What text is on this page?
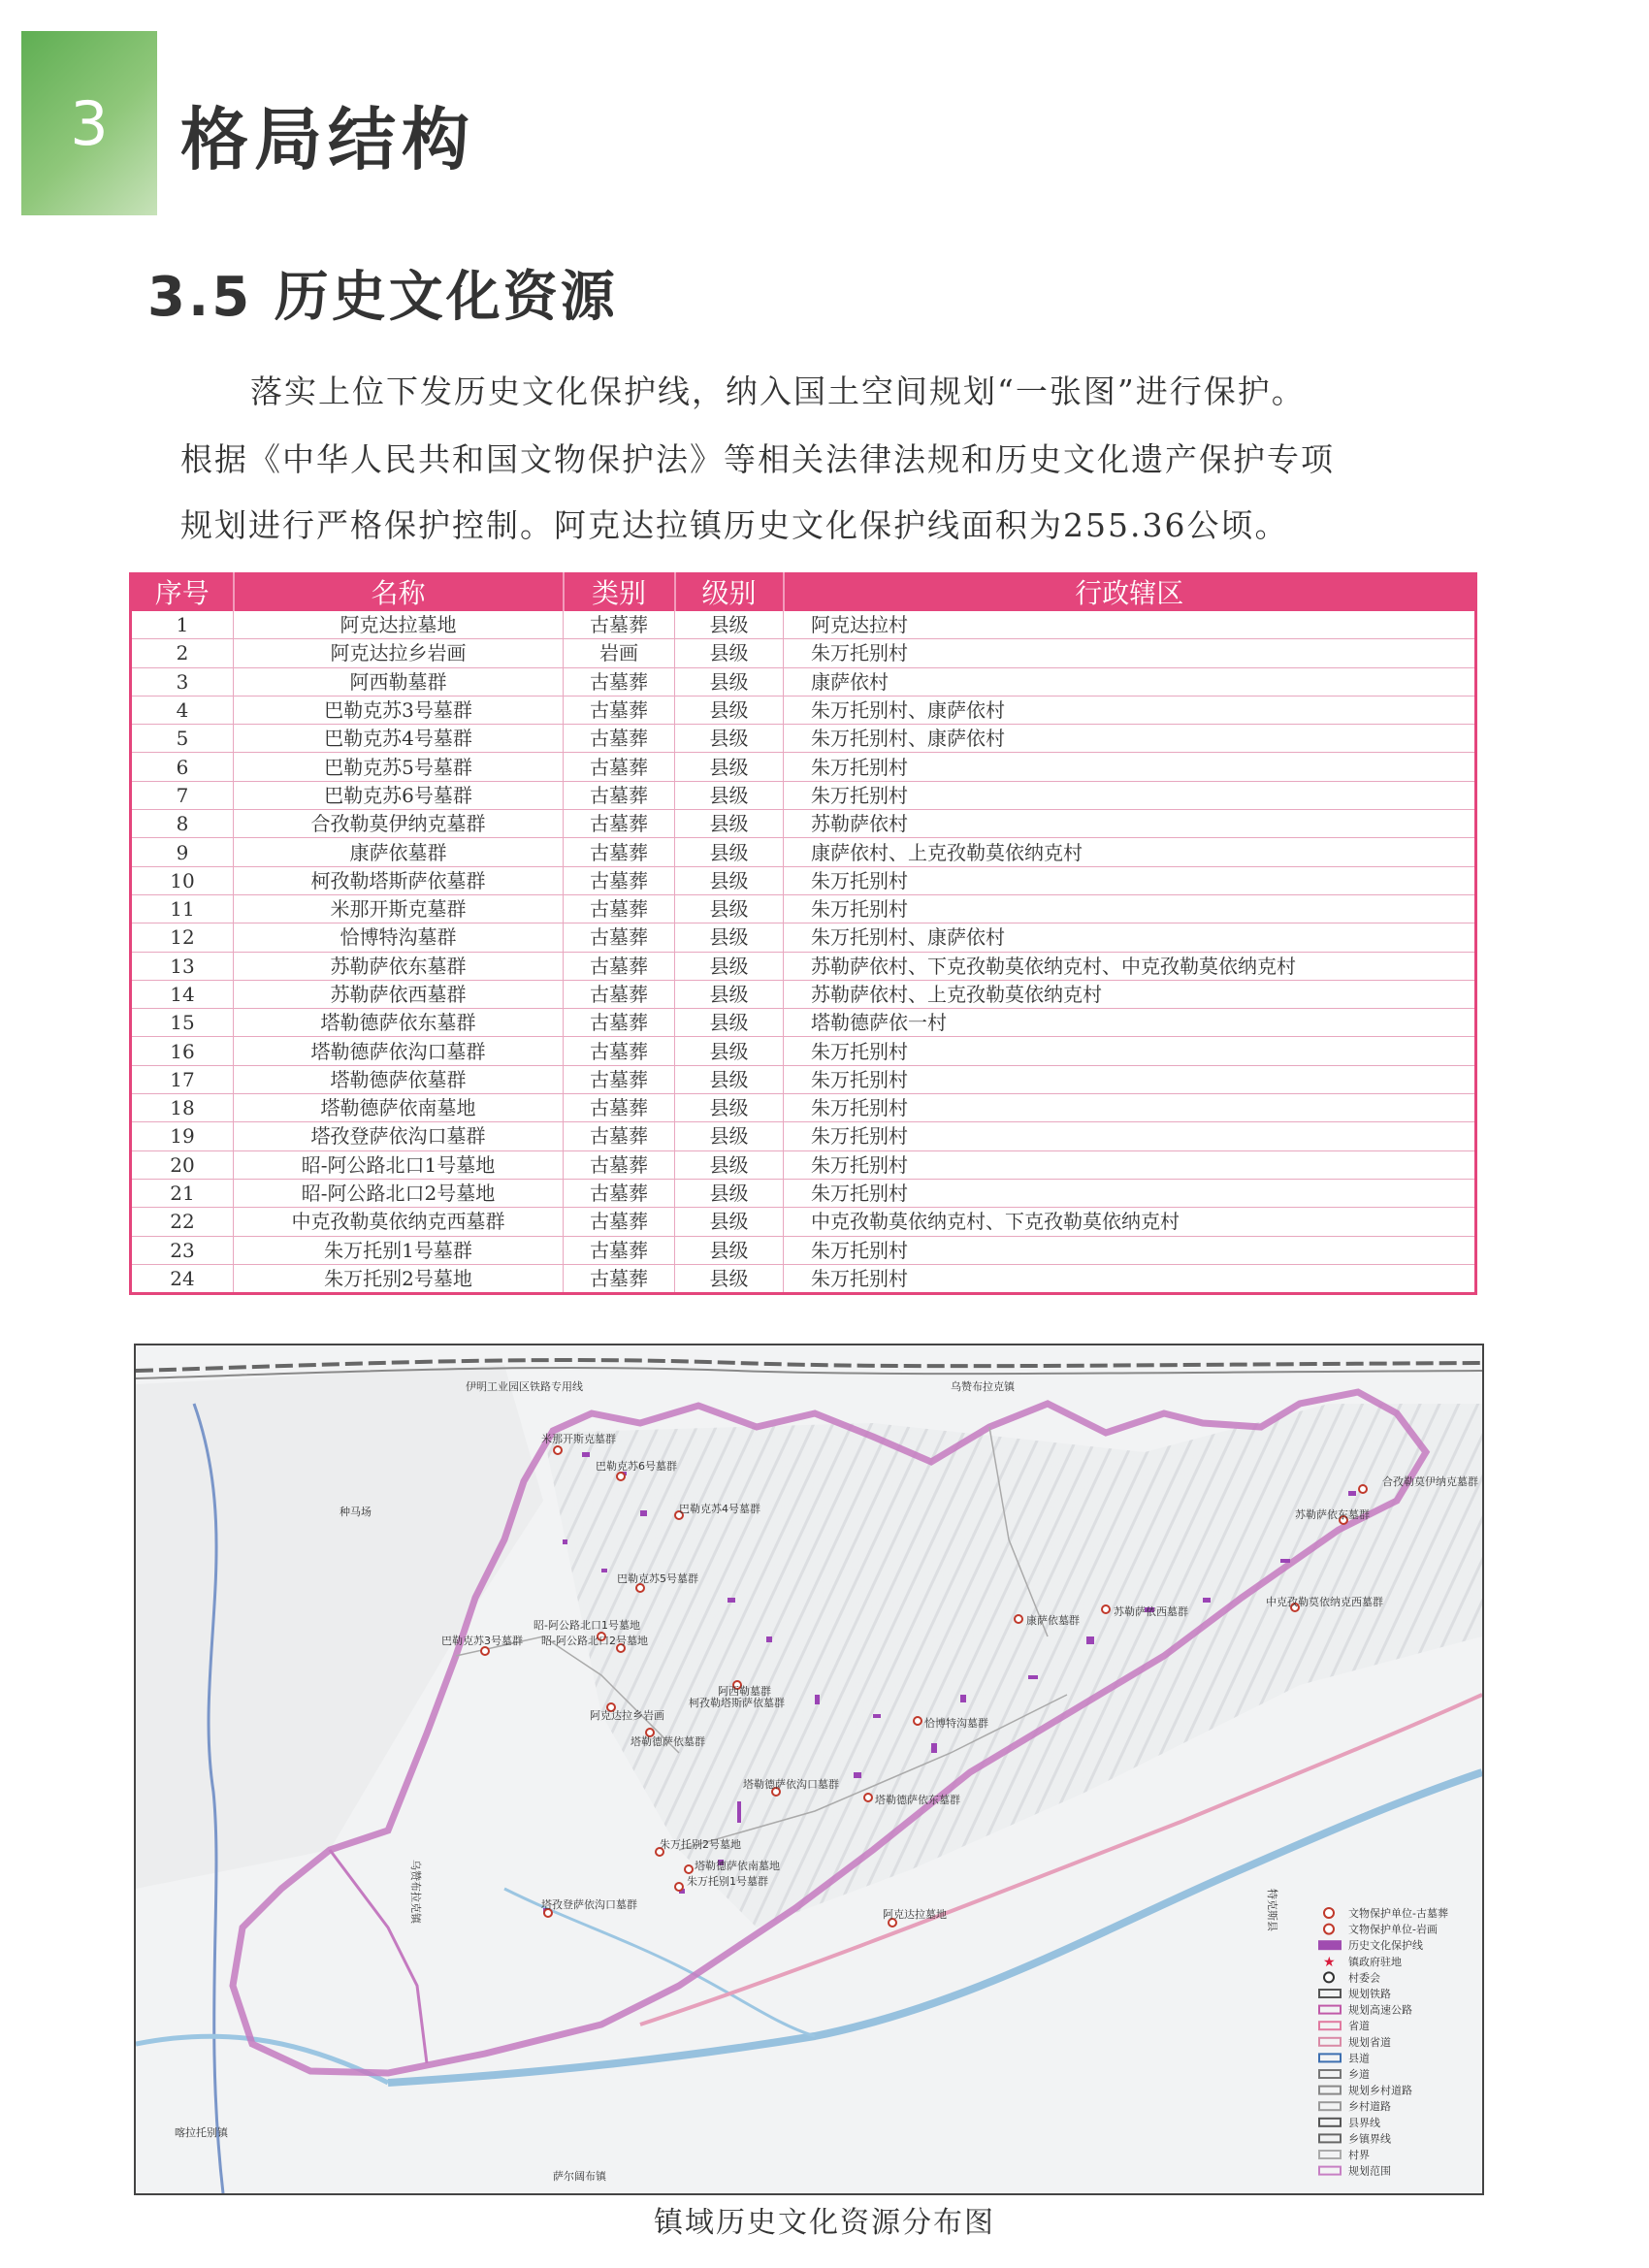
3	格局结构
3.5 历史文化资源
落实上位下发历史文化保护线，纳入国土空间规划“一张图”进行保护。
根据《中华人民共和国文物保护法》等相关法律法规和历史文化遗产保护专项
规划进行严格保护控制。阿克达拉镇历史文化保护线面积为255.36公顷。
序号	名称	类别	级别	行政辖区
1	阿克达拉墓地	古墓葬	县级	阿克达拉村
2	阿克达拉乡岩画	岩画	县级	朱万托别村
3	阿西勒墓群	古墓葬	县级	康萨依村
4	巴勒克苏3号墓群	古墓葬	县级	朱万托别村、康萨依村
5	巴勒克苏4号墓群	古墓葬	县级	朱万托别村、康萨依村
6	巴勒克苏5号墓群	古墓葬	县级	朱万托别村
7	巴勒克苏6号墓群	古墓葬	县级	朱万托别村
8	合孜勒莫伊纳克墓群	古墓葬	县级	苏勒萨依村
9	康萨依墓群	古墓葬	县级	康萨依村、上克孜勒莫依纳克村
10	柯孜勒塔斯萨依墓群	古墓葬	县级	朱万托别村
11	米那开斯克墓群	古墓葬	县级	朱万托别村
12	恰博特沟墓群	古墓葬	县级	朱万托别村、康萨依村
13	苏勒萨依东墓群	古墓葬	县级	苏勒萨依村、下克孜勒莫依纳克村、中克孜勒莫依纳克村
14	苏勒萨依西墓群	古墓葬	县级	苏勒萨依村、上克孜勒莫依纳克村
15	塔勒德萨依东墓群	古墓葬	县级	塔勒德萨依一村
16	塔勒德萨依沟口墓群	古墓葬	县级	朱万托别村
17	塔勒德萨依墓群	古墓葬	县级	朱万托别村
18	塔勒德萨依南墓地	古墓葬	县级	朱万托别村
19	塔孜登萨依沟口墓群	古墓葬	县级	朱万托别村
20	昭-阿公路北口1号墓地	古墓葬	县级	朱万托别村
21	昭-阿公路北口2号墓地	古墓葬	县级	朱万托别村
22	中克孜勒莫依纳克西墓群	古墓葬	县级	中克孜勒莫依纳克村、下克孜勒莫依纳克村
23	朱万托别1号墓群	古墓葬	县级	朱万托别村
24	朱万托别2号墓地	古墓葬	县级	朱万托别村
伊明工业园区铁路专用线	乌赞布拉克镇
种马场
米那开斯克墓群
巴勒克苏6号墓群
巴勒克苏4号墓群
巴勒克苏5号墓群
巴勒克苏3号墓群
昭-阿公路北口1号墓地
昭-阿公路北口2号墓地
康萨依墓群
苏勒萨依西墓群
中克孜勒莫依纳克西墓群
苏勒萨依东墓群
合孜勒莫伊纳克墓群
阿西勒墓群
柯孜勒塔斯萨依墓群
阿克达拉乡岩画
塔勒德萨依墓群
恰博特沟墓群
塔勒德萨依沟口墓群
塔勒德萨依东墓群
朱万托别2号墓地
塔勒德萨依南墓地
朱万托别1号墓群
塔孜登萨依沟口墓群
阿克达拉墓地
乌赞布拉克镇	特克斯县
萨尔阔布镇
喀拉托别镇
文物保护单位-古墓葬
文物保护单位-岩画
历史文化保护线
★ 镇政府驻地
村委会
规划铁路
规划高速公路
省道
规划省道
县道
乡道
规划乡村道路
乡村道路
县界线
乡镇界线
村界
规划范围
镇域历史文化资源分布图
